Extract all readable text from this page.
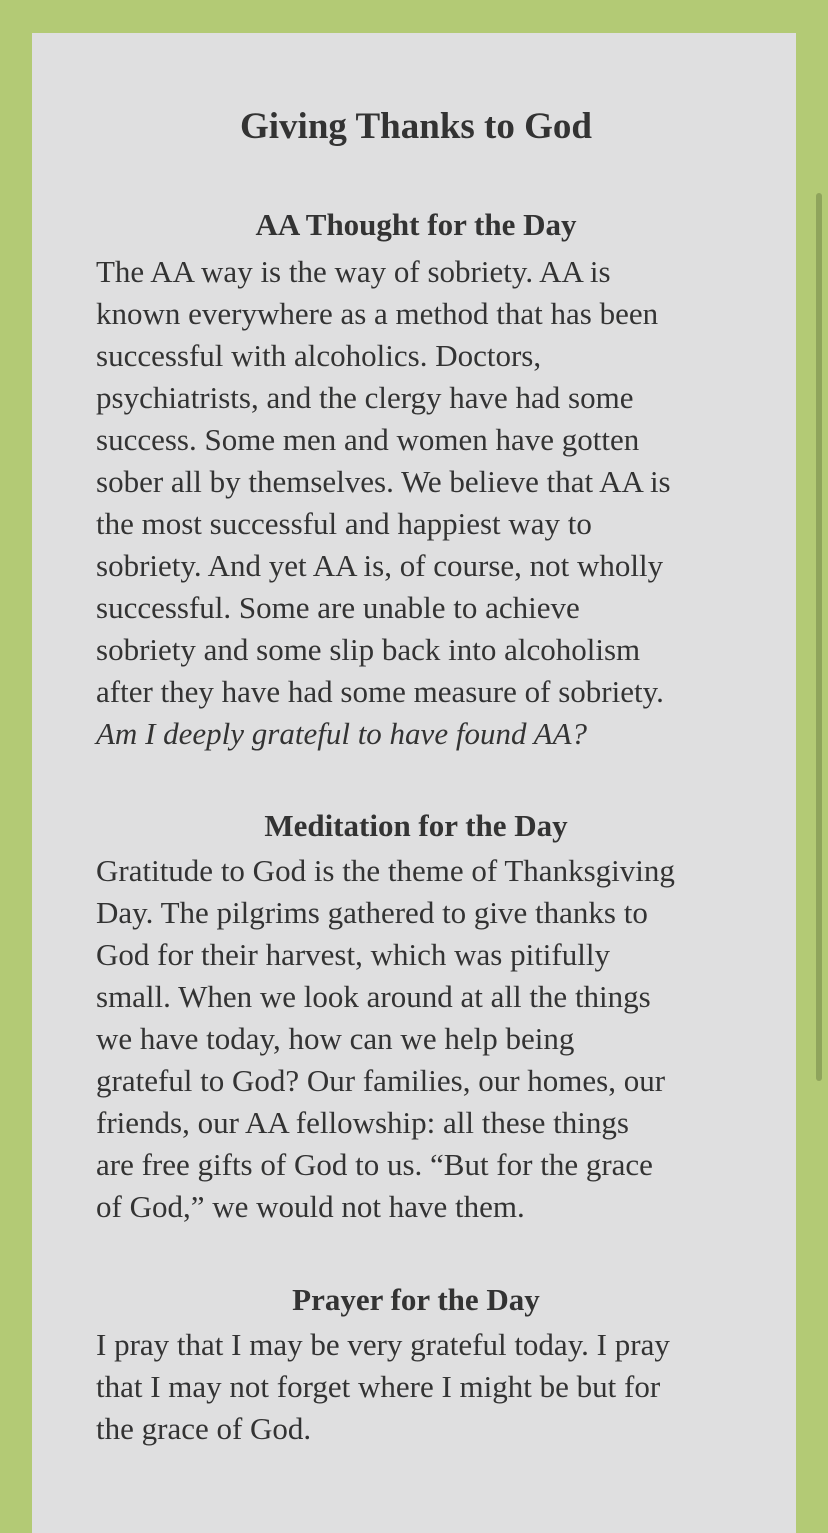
Giving Thanks to God
AA Thought for the Day
The AA way is the way of sobriety. AA is
known everywhere as a method that has been
successful with alcoholics. Doctors,
psychiatrists, and the clergy have had some
success. Some men and women have gotten
sober all by themselves. We believe that AA is
the most successful and happiest way to
sobriety. And yet AA is, of course, not wholly
successful. Some are unable to achieve
sobriety and some slip back into alcoholism
after they have had some measure of sobriety.
Am I deeply grateful to have found AA?
Meditation for the Day
Gratitude to God is the theme of Thanksgiving
Day. The pilgrims gathered to give thanks to
God for their harvest, which was pitifully
small. When we look around at all the things
we have today, how can we help being
grateful to God? Our families, our homes, our
friends, our AA fellowship: all these things
are free gifts of God to us. “But for the grace
of God,” we would not have them.
Prayer for the Day
I pray that I may be very grateful today. I pray
that I may not forget where I might be but for
the grace of God.
